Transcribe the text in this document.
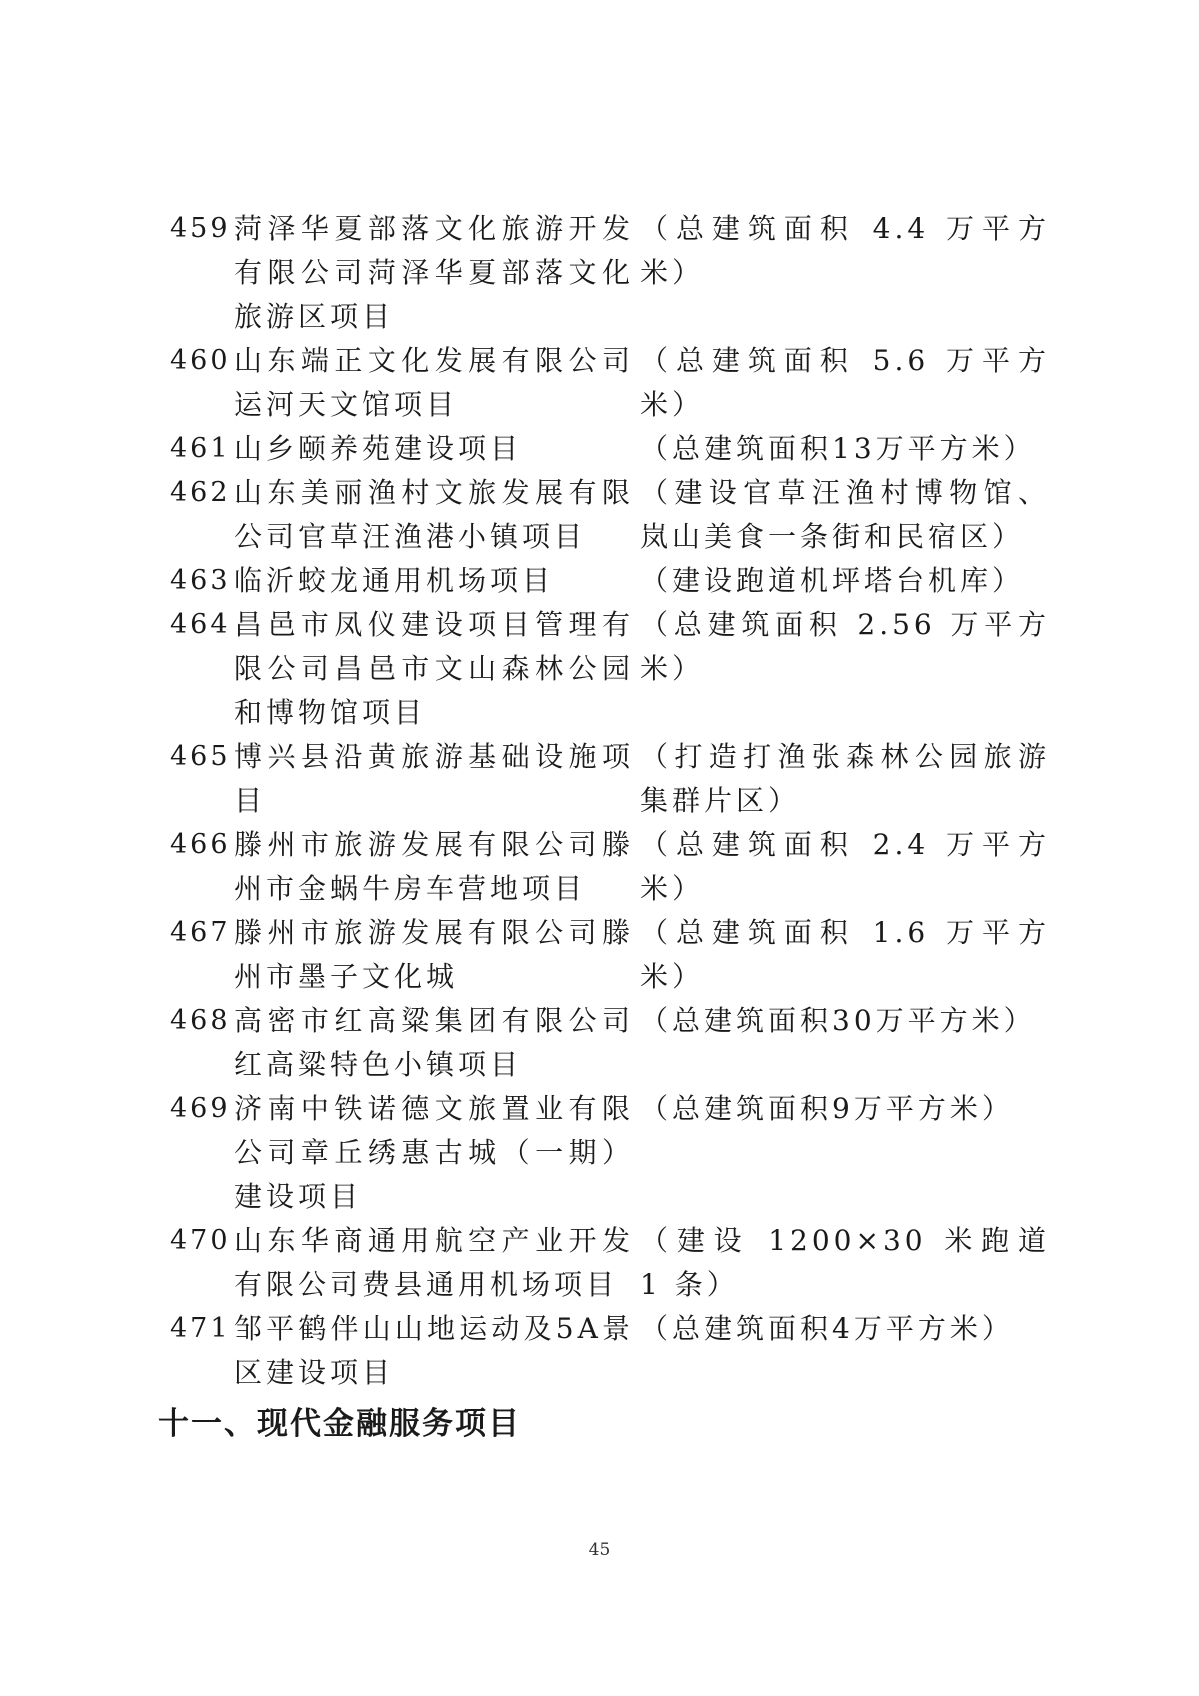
459 菏泽华夏部落文化旅游开发有限公司菏泽华夏部落文化旅游区项目
（总建筑面积 4.4 万平方米）
460 山东端正文化发展有限公司运河天文馆项目
（总建筑面积 5.6 万平方米）
461 山乡颐养苑建设项目	（总建筑面积13万平方米）
462 山东美丽渔村文旅发展有限公司官草汪渔港小镇项目
（建设官草汪渔村博物馆、岚山美食一条街和民宿区）
463 临沂蛟龙通用机场项目	（建设跑道机坪塔台机库）
464 昌邑市凤仪建设项目管理有限公司昌邑市文山森林公园和博物馆项目
（总建筑面积 2.56 万平方米）
465 博兴县沿黄旅游基础设施项目
（打造打渔张森林公园旅游集群片区）
466 滕州市旅游发展有限公司滕州市金蜗牛房车营地项目
（总建筑面积 2.4 万平方米）
467 滕州市旅游发展有限公司滕州市墨子文化城
（总建筑面积 1.6 万平方米）
468 高密市红高粱集团有限公司红高粱特色小镇项目
（总建筑面积30万平方米）
469 济南中铁诺德文旅置业有限公司章丘绣惠古城（一期）建设项目
（总建筑面积9万平方米）
470 山东华商通用航空产业开发有限公司费县通用机场项目
（建设 1200×30 米跑道 1 条）
471 邹平鹤伴山山地运动及5A景区建设项目
（总建筑面积4万平方米）
十一、现代金融服务项目
45
